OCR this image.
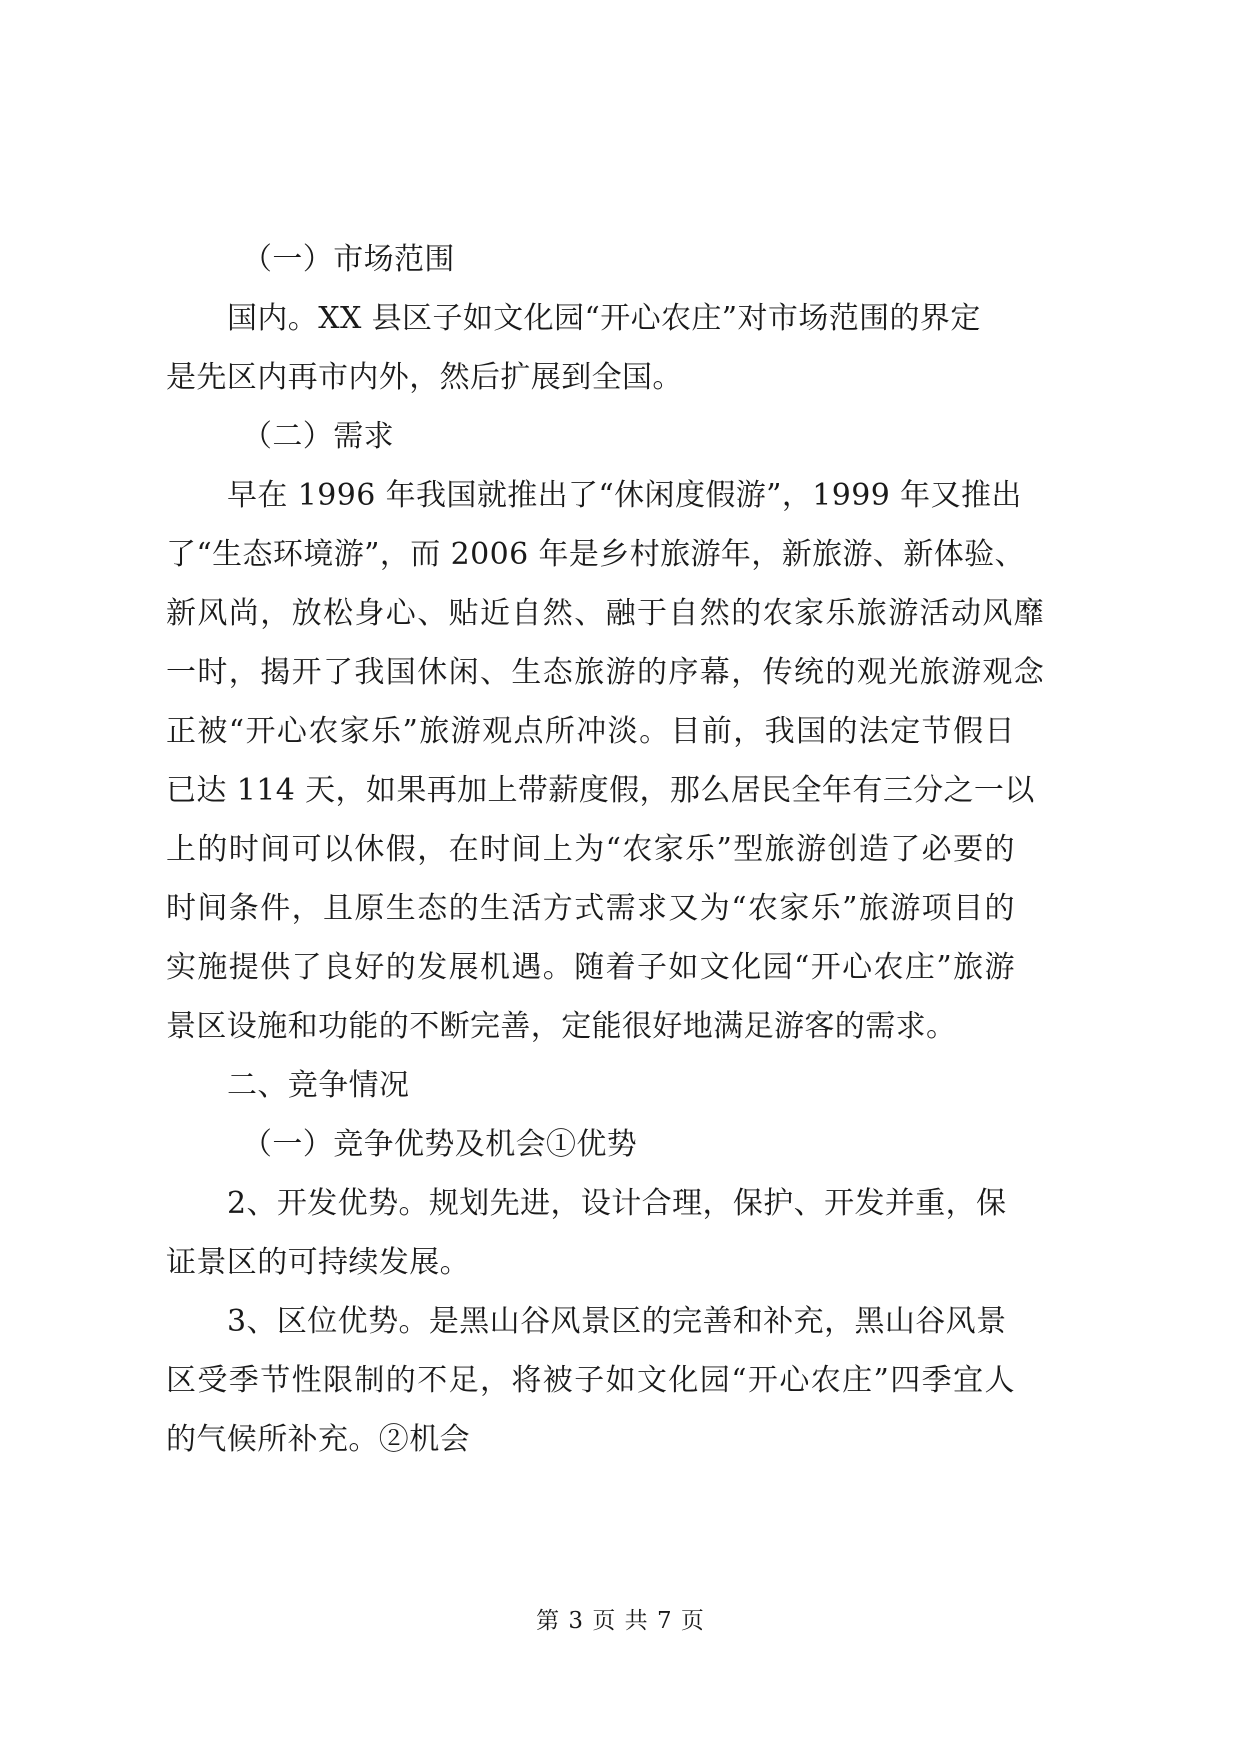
（一）市场范围
国内。XX 县区子如文化园“开心农庄”对市场范围的界定
是先区内再市内外，然后扩展到全国。
（二）需求
早在 1996 年我国就推出了“休闲度假游”，1999 年又推出
了“生态环境游”，而 2006 年是乡村旅游年，新旅游、新体验、
新风尚，放松身心、贴近自然、融于自然的农家乐旅游活动风靡
一时，揭开了我国休闲、生态旅游的序幕，传统的观光旅游观念
正被“开心农家乐”旅游观点所冲淡。目前，我国的法定节假日
已达 114 天，如果再加上带薪度假，那么居民全年有三分之一以
上的时间可以休假，在时间上为“农家乐”型旅游创造了必要的
时间条件，且原生态的生活方式需求又为“农家乐”旅游项目的
实施提供了良好的发展机遇。随着子如文化园“开心农庄”旅游
景区设施和功能的不断完善，定能很好地满足游客的需求。
二、竞争情况
（一）竞争优势及机会①优势
2、开发优势。规划先进，设计合理，保护、开发并重，保
证景区的可持续发展。
3、区位优势。是黑山谷风景区的完善和补充，黑山谷风景
区受季节性限制的不足，将被子如文化园“开心农庄”四季宜人
的气候所补充。②机会
第 3 页 共 7 页
